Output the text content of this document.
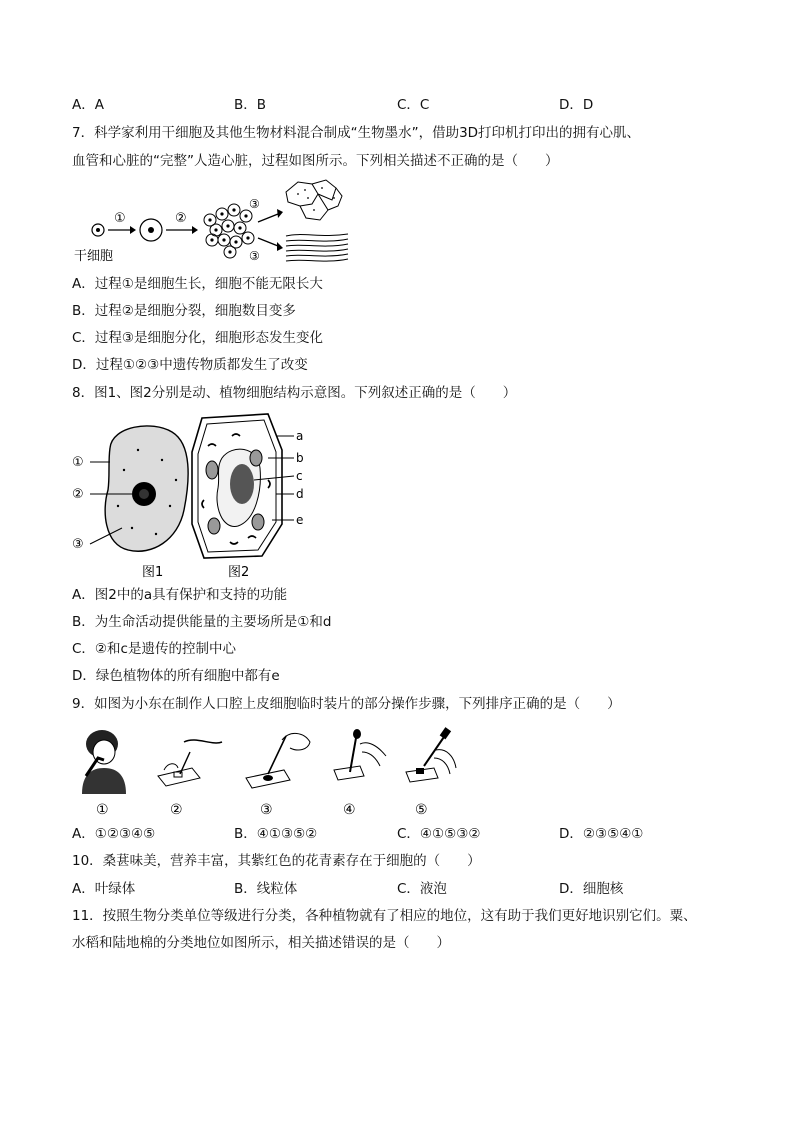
A．A	B．B	C．C	D．D
7．科学家利用干细胞及其他生物材料混合制成“生物墨水”，借助3D打印机打印出的拥有心肌、
血管和心脏的“完整”人造心脏，过程如图所示。下列相关描述不正确的是（　　）
①	②
③
③
干细胞
A．过程①是细胞生长，细胞不能无限长大
B．过程②是细胞分裂，细胞数目变多
C．过程③是细胞分化，细胞形态发生变化
D．过程①②③中遗传物质都发生了改变
8．图1、图2分别是动、植物细胞结构示意图。下列叙述正确的是（　　）
①
②
③
图1
a
b
c
d
e
图2
A．图2中的a具有保护和支持的功能
B．为生命活动提供能量的主要场所是①和d
C．②和c是遗传的控制中心
D．绿色植物体的所有细胞中都有e
9．如图为小东在制作人口腔上皮细胞临时装片的部分操作步骤，下列排序正确的是（　　）
①	②	③	④	⑤
A．①②③④⑤	B．④①③⑤②	C．④①⑤③②	D．②③⑤④①
10．桑葚味美，营养丰富，其紫红色的花青素存在于细胞的（　　）
A．叶绿体	B．线粒体	C．液泡	D．细胞核
11．按照生物分类单位等级进行分类，各种植物就有了相应的地位，这有助于我们更好地识别它们。粟、
水稻和陆地棉的分类地位如图所示，相关描述错误的是（　　）
